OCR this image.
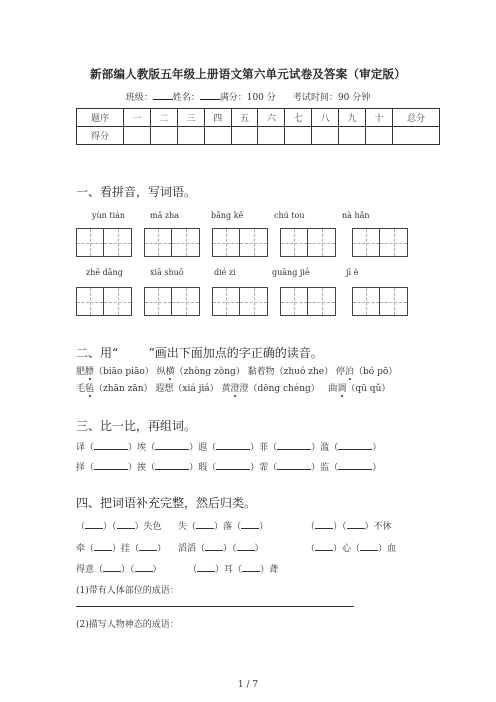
新部编人教版五年级上册语文第六单元试卷及答案（审定版）
班级： 姓名： 满分：100 分 考试时间：90 分钟
题序	一	二	三	四	五	六	七	八	九	十	总分
得分											
一、看拼音，写词语。
yùn tián	mǎ zha	bǎng kē	chú tou	nà hǎn
zhē dǎng	xiā shuō	dié zi	guāng jiē	jī è
二、用“        ”画出下面加点的字正确的读音。
肥膘（biāo piāo） 纵横（zhòng zòng） 黏着物（zhuó zhe） 停泊（bó pō）
毛毡（zhān zān） 遐想（xiá jiá） 黄澄澄（dēng chéng） 曲调（qū qǔ）
三、比一比，再组词。
译（	）埃（	）遐（	）菲（	）滥（	）
择（	）挨（	）瑕（	）霏（	）监（	）
四、把词语补充完整，然后归类。
（ ）（ ）失色 失（ ）落（ ）	（ ）（ ）不休
牵（ ）挂（ ） 滔滔（ ）（ ）	（ ）心（ ）血
得意（ ）（ ）	（ ）耳（ ）聋
(1)带有人体部位的成语：
(2)描写人物神态的成语：
1 / 7
